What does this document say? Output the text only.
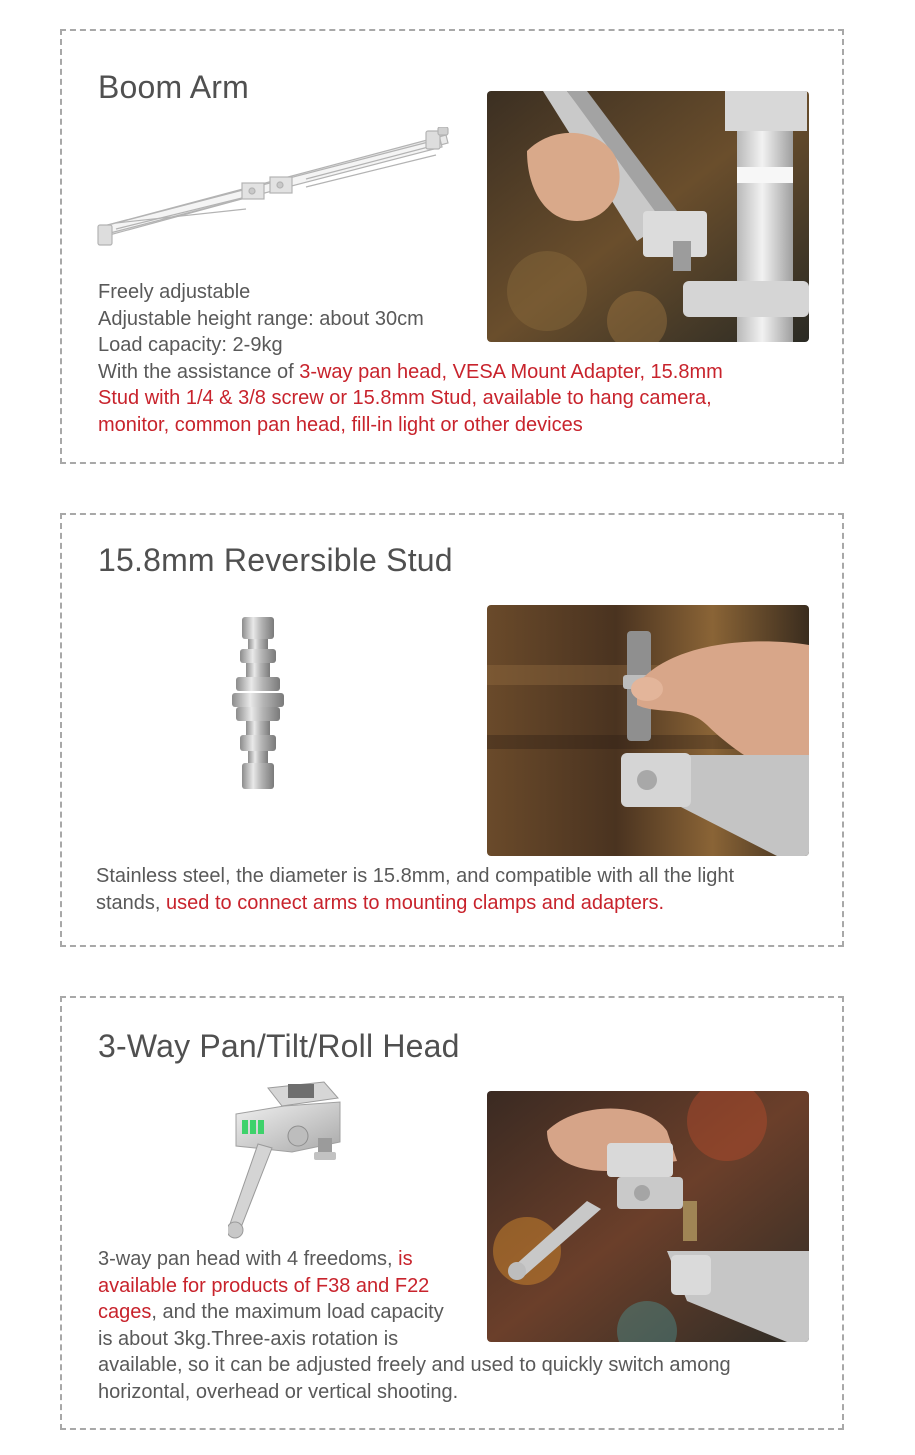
Boom Arm
Freely adjustable
Adjustable height range: about 30cm
Load capacity: 2-9kg
With the assistance of 3-way pan head, VESA Mount Adapter, 15.8mm
Stud with 1/4 & 3/8 screw or 15.8mm Stud, available to hang camera,
monitor, common pan head, fill-in light or other devices
15.8mm Reversible Stud
Stainless steel, the diameter is 15.8mm, and compatible with all the light
stands, used to connect arms to mounting clamps and adapters.
3-Way Pan/Tilt/Roll Head
3-way pan head with 4 freedoms, is
available for products of F38 and F22
cages, and the maximum load capacity
is about 3kg.Three-axis rotation is
available, so it can be adjusted freely and used to quickly switch among
horizontal, overhead or vertical shooting.
